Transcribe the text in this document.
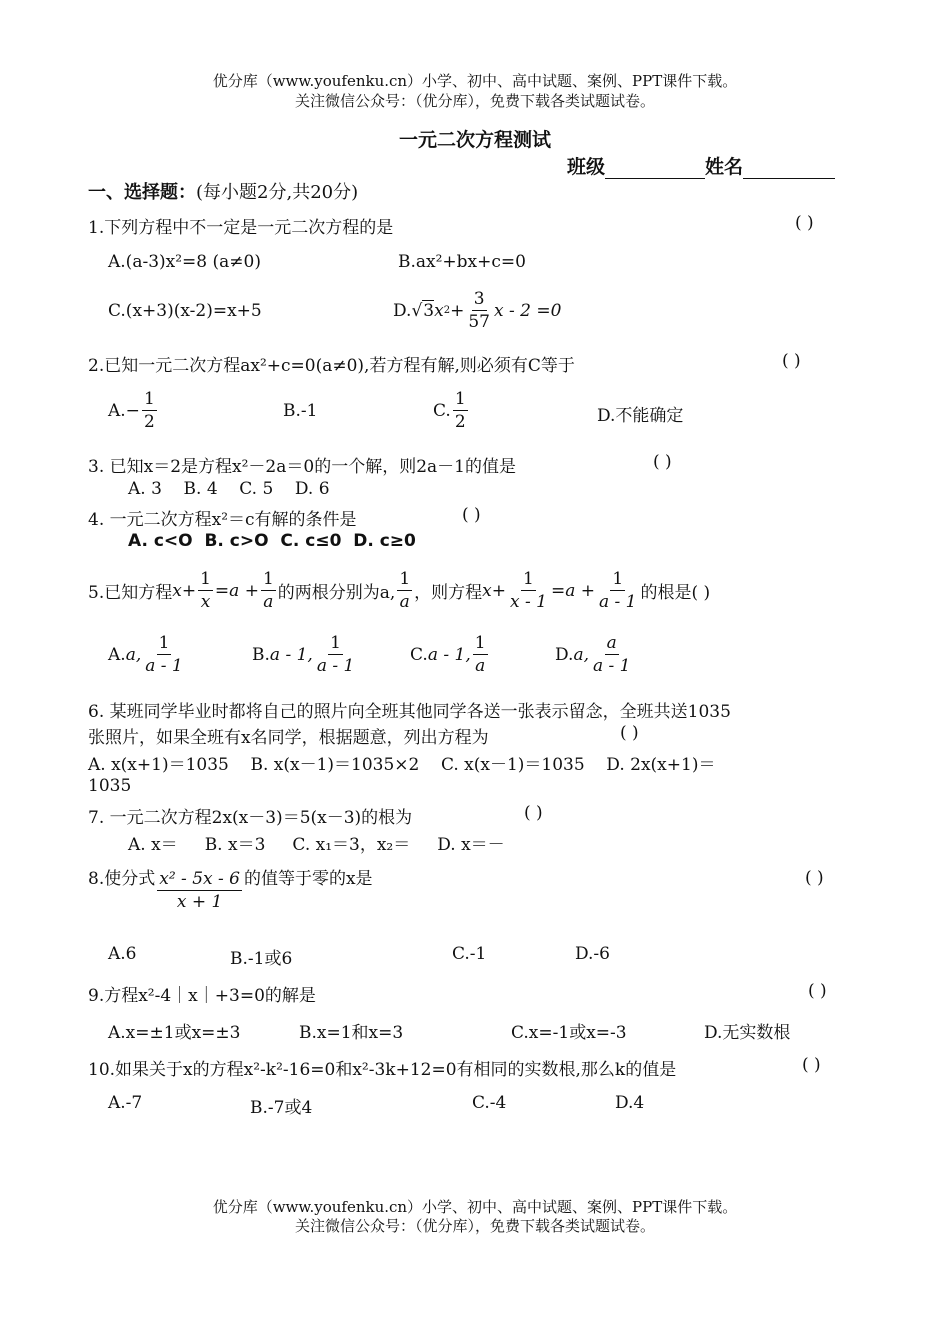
优分库（www.youfenku.cn）小学、初中、高中试题、案例、PPT课件下载。
关注微信公众号：（优分库），免费下载各类试题试卷。
一元二次方程测试
班级	姓名
一、选择题：(每小题2分,共20分)
1.下列方程中不一定是一元二次方程的是	( )
A.(a-3)x²=8 (a≠0)	B.ax²+bx+c=0
C.(x+3)(x-2)=x+5	D. √ 3 x $2 + \frac{3}{57}$ x - 2 =0
2.已知一元二次方程ax²+c=0(a≠0),若方程有解,则必须有C等于	( )
$A.- \frac{1}{2}$	B.-1	C. $\frac{1}{2}$	D.不能确定
3. 已知x＝2是方程x²－2a＝0的一个解，则2a－1的值是	( )
A. 3    B. 4    C. 5    D. 6
4. 一元二次方程x²＝c有解的条件是	( )
A. c<O  B. c>O  C. c≤0  D. c≥0
5.已知方程 $x + \frac{1}{x} =a + \frac{1}{a}$ 的两根分别为a, $\frac{1}{a}$ ，则方程 $x + \frac{1}{x - 1} =a + \frac{1}{a - 1}$ 的根是( )
A. a, $\frac{1}{a - 1}$	B. a - 1, $\frac{1}{a - 1}$	C. a - 1, $\frac{1}{a}$	D. a, $\frac{a}{a - 1}$
6. 某班同学毕业时都将自己的照片向全班其他同学各送一张表示留念，全班共送1035
张照片，如果全班有x名同学，根据题意，列出方程为	( )
A. x(x+1)＝1035    B. x(x－1)＝1035×2    C. x(x－1)＝1035    D. 2x(x+1)＝
1035
7. 一元二次方程2x(x－3)＝5(x－3)的根为	( )
A. x＝     B. x＝3     C. x₁＝3，x₂＝     D. x＝－
8.使分式 $\frac{\text{x² - 5x - 6}}{x + 1}$ 的值等于零的x是	( )
A.6	B.-1或6	C.-1	D.-6
9.方程x²-4｜x｜+3=0的解是	( )
A.x=±1或x=±3	B.x=1和x=3	C.x=-1或x=-3	D.无实数根
10.如果关于x的方程x²-k²-16=0和x²-3k+12=0有相同的实数根,那么k的值是	( )
A.-7	B.-7或4	C.-4	D.4
优分库（www.youfenku.cn）小学、初中、高中试题、案例、PPT课件下载。
关注微信公众号：（优分库），免费下载各类试题试卷。
